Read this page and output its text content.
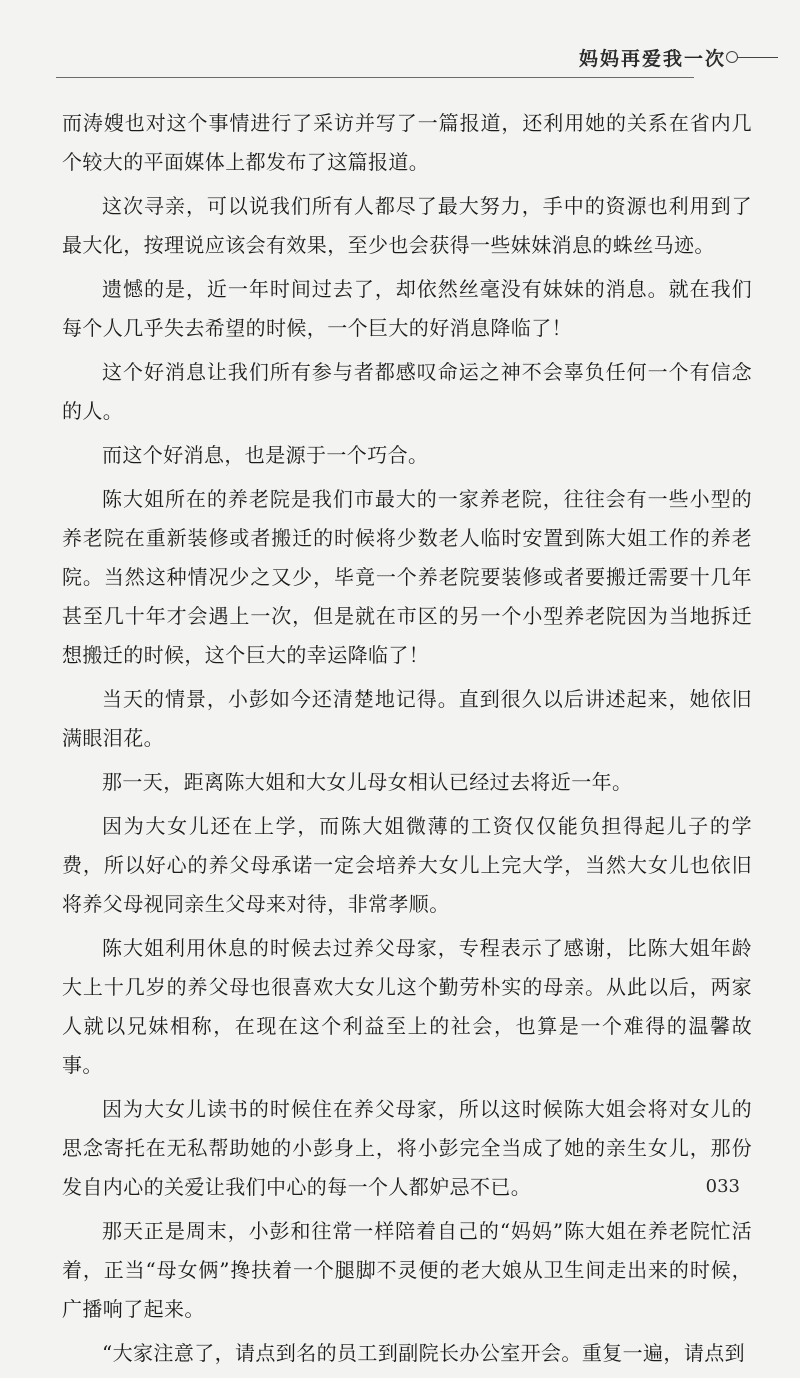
妈妈再爱我一次

而涛嫂也对这个事情进行了采访并写了一篇报道，还利用她的关系在省内几个较大的平面媒体上都发布了这篇报道。

这次寻亲，可以说我们所有人都尽了最大努力，手中的资源也利用到了最大化，按理说应该会有效果，至少也会获得一些妹妹消息的蛛丝马迹。

遗憾的是，近一年时间过去了，却依然丝毫没有妹妹的消息。就在我们每个人几乎失去希望的时候，一个巨大的好消息降临了！

这个好消息让我们所有参与者都感叹命运之神不会辜负任何一个有信念的人。

而这个好消息，也是源于一个巧合。

陈大姐所在的养老院是我们市最大的一家养老院，往往会有一些小型的养老院在重新装修或者搬迁的时候将少数老人临时安置到陈大姐工作的养老院。当然这种情况少之又少，毕竟一个养老院要装修或者要搬迁需要十几年甚至几十年才会遇上一次，但是就在市区的另一个小型养老院因为当地拆迁想搬迁的时候，这个巨大的幸运降临了！

当天的情景，小彭如今还清楚地记得。直到很久以后讲述起来，她依旧满眼泪花。

那一天，距离陈大姐和大女儿母女相认已经过去将近一年。

因为大女儿还在上学，而陈大姐微薄的工资仅仅能负担得起儿子的学费，所以好心的养父母承诺一定会培养大女儿上完大学，当然大女儿也依旧将养父母视同亲生父母来对待，非常孝顺。

陈大姐利用休息的时候去过养父母家，专程表示了感谢，比陈大姐年龄大上十几岁的养父母也很喜欢大女儿这个勤劳朴实的母亲。从此以后，两家人就以兄妹相称，在现在这个利益至上的社会，也算是一个难得的温馨故事。

因为大女儿读书的时候住在养父母家，所以这时候陈大姐会将对女儿的思念寄托在无私帮助她的小彭身上，将小彭完全当成了她的亲生女儿，那份发自内心的关爱让我们中心的每一个人都妒忌不已。

那天正是周末，小彭和往常一样陪着自己的“妈妈”陈大姐在养老院忙活着，正当“母女俩”搀扶着一个腿脚不灵便的老大娘从卫生间走出来的时候，广播响了起来。

“大家注意了，请点到名的员工到副院长办公室开会。重复一遍，请点到

033
